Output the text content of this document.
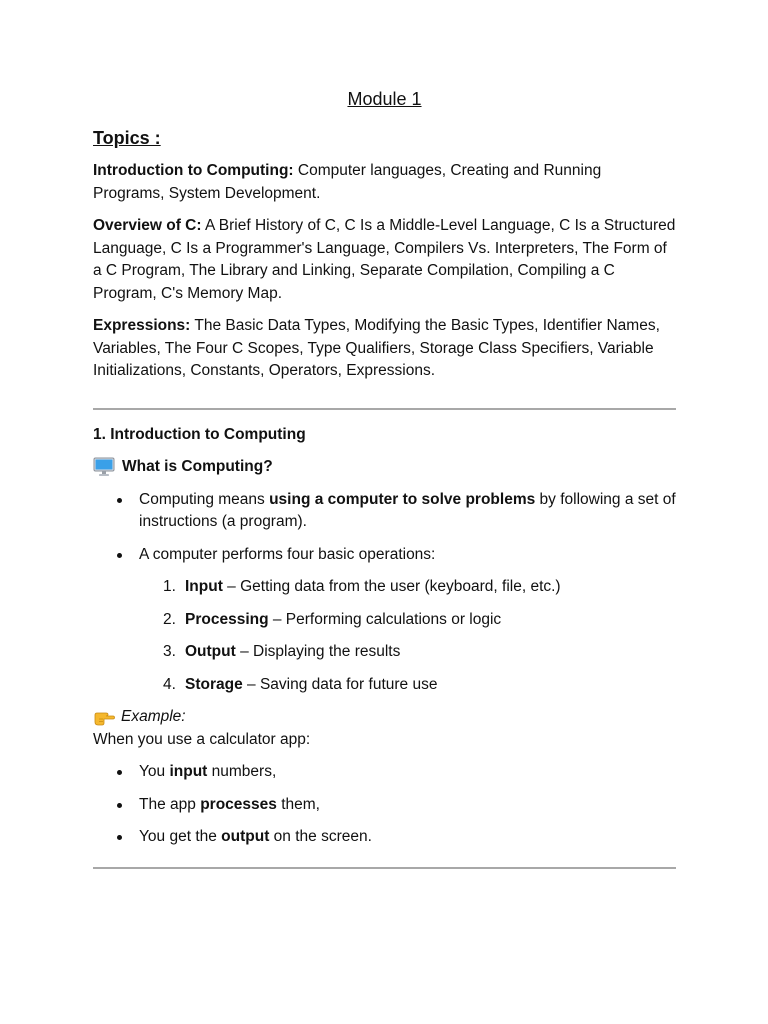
Module 1
Topics :

Introduction to Computing: Computer languages, Creating and Running Programs, System Development.

Overview of C: A Brief History of C, C Is a Middle-Level Language, C Is a Structured Language, C Is a Programmer's Language, Compilers Vs. Interpreters, The Form of a C Program, The Library and Linking, Separate Compilation, Compiling a C Program, C's Memory Map.

Expressions: The Basic Data Types, Modifying the Basic Types, Identifier Names, Variables, The Four C Scopes, Type Qualifiers, Storage Class Specifiers, Variable Initializations, Constants, Operators, Expressions.

1. Introduction to Computing
What is Computing?
Computing means using a computer to solve problems by following a set of instructions (a program).
A computer performs four basic operations:
1. Input – Getting data from the user (keyboard, file, etc.)
2. Processing – Performing calculations or logic
3. Output – Displaying the results
4. Storage – Saving data for future use
Example:

When you use a calculator app:

You input numbers,
The app processes them,
You get the output on the screen.
